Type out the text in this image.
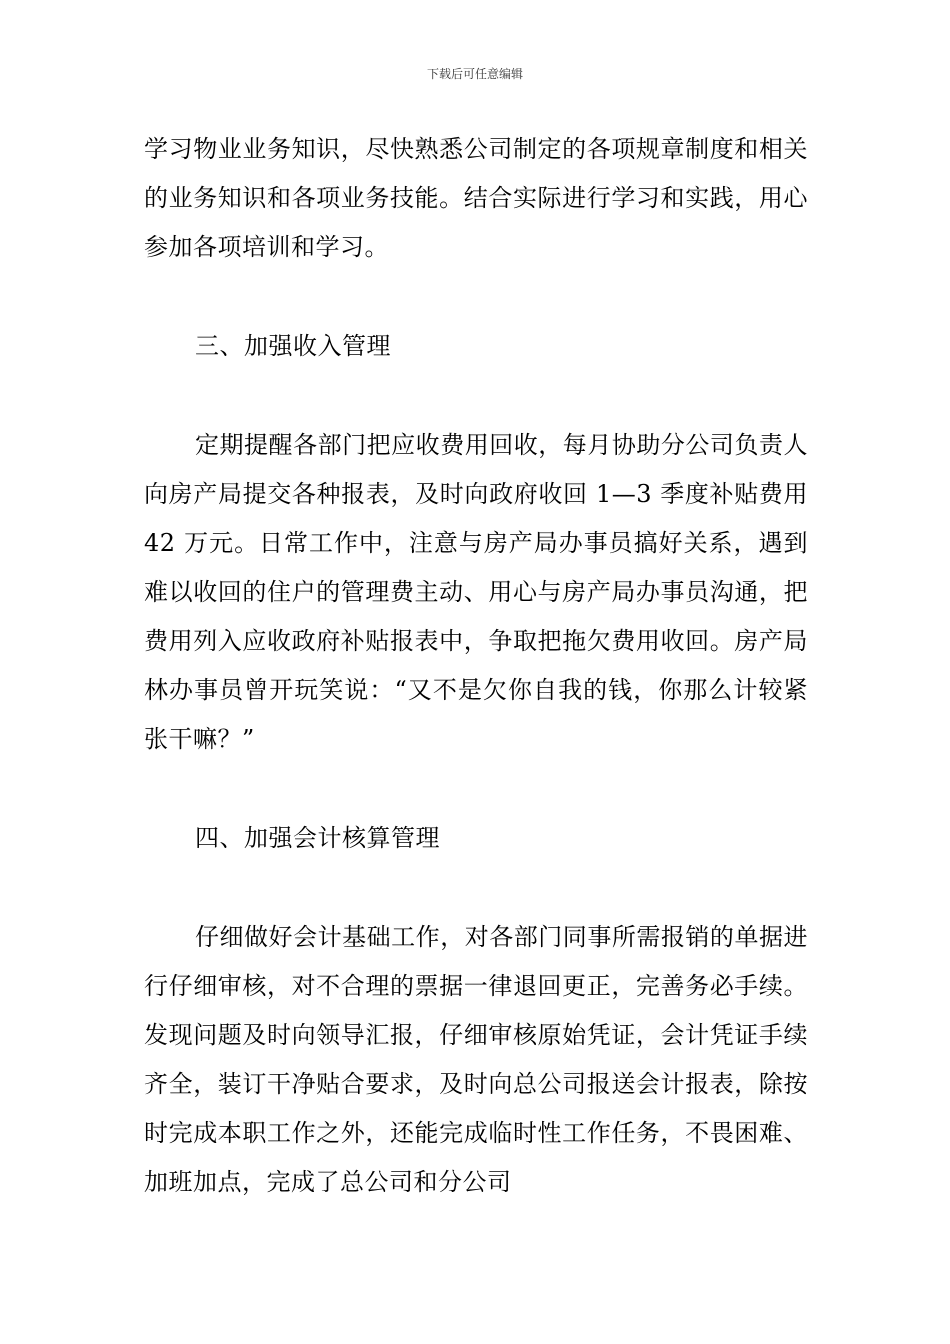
下载后可任意编辑

学习物业业务知识，尽快熟悉公司制定的各项规章制度和相关的业务知识和各项业务技能。结合实际进行学习和实践，用心参加各项培训和学习。

三、加强收入管理

定期提醒各部门把应收费用回收，每月协助分公司负责人向房产局提交各种报表，及时向政府收回 1—3 季度补贴费用 42 万元。日常工作中，注意与房产局办事员搞好关系，遇到难以收回的住户的管理费主动、用心与房产局办事员沟通，把费用列入应收政府补贴报表中，争取把拖欠费用收回。房产局林办事员曾开玩笑说：“又不是欠你自我的钱，你那么计较紧张干嘛？”

四、加强会计核算管理

仔细做好会计基础工作，对各部门同事所需报销的单据进行仔细审核，对不合理的票据一律退回更正，完善务必手续。发现问题及时向领导汇报，仔细审核原始凭证，会计凭证手续齐全，装订干净贴合要求，及时向总公司报送会计报表，除按时完成本职工作之外，还能完成临时性工作任务，不畏困难、加班加点，完成了总公司和分公司
